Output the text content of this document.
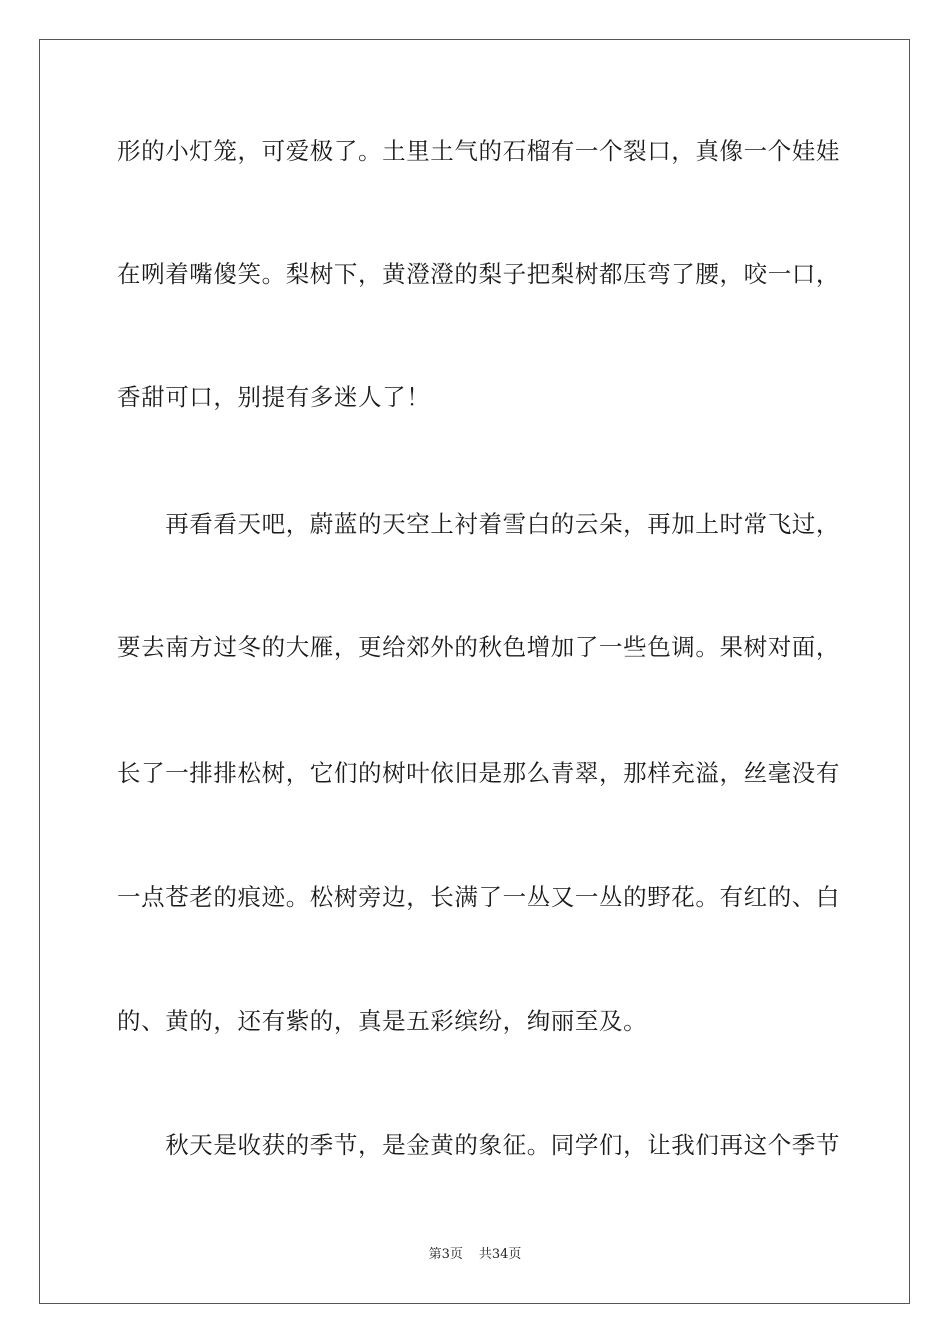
形的小灯笼，可爱极了。土里土气的石榴有一个裂口，真像一个娃娃
在咧着嘴傻笑。梨树下，黄澄澄的梨子把梨树都压弯了腰，咬一口，
香甜可口，别提有多迷人了！
　　再看看天吧，蔚蓝的天空上衬着雪白的云朵，再加上时常飞过，
要去南方过冬的大雁，更给郊外的秋色增加了一些色调。果树对面，
长了一排排松树，它们的树叶依旧是那么青翠，那样充溢，丝毫没有
一点苍老的痕迹。松树旁边，长满了一丛又一丛的野花。有红的、白
的、黄的，还有紫的，真是五彩缤纷，绚丽至及。
　　秋天是收获的季节，是金黄的象征。同学们，让我们再这个季节
第3页 共34页
